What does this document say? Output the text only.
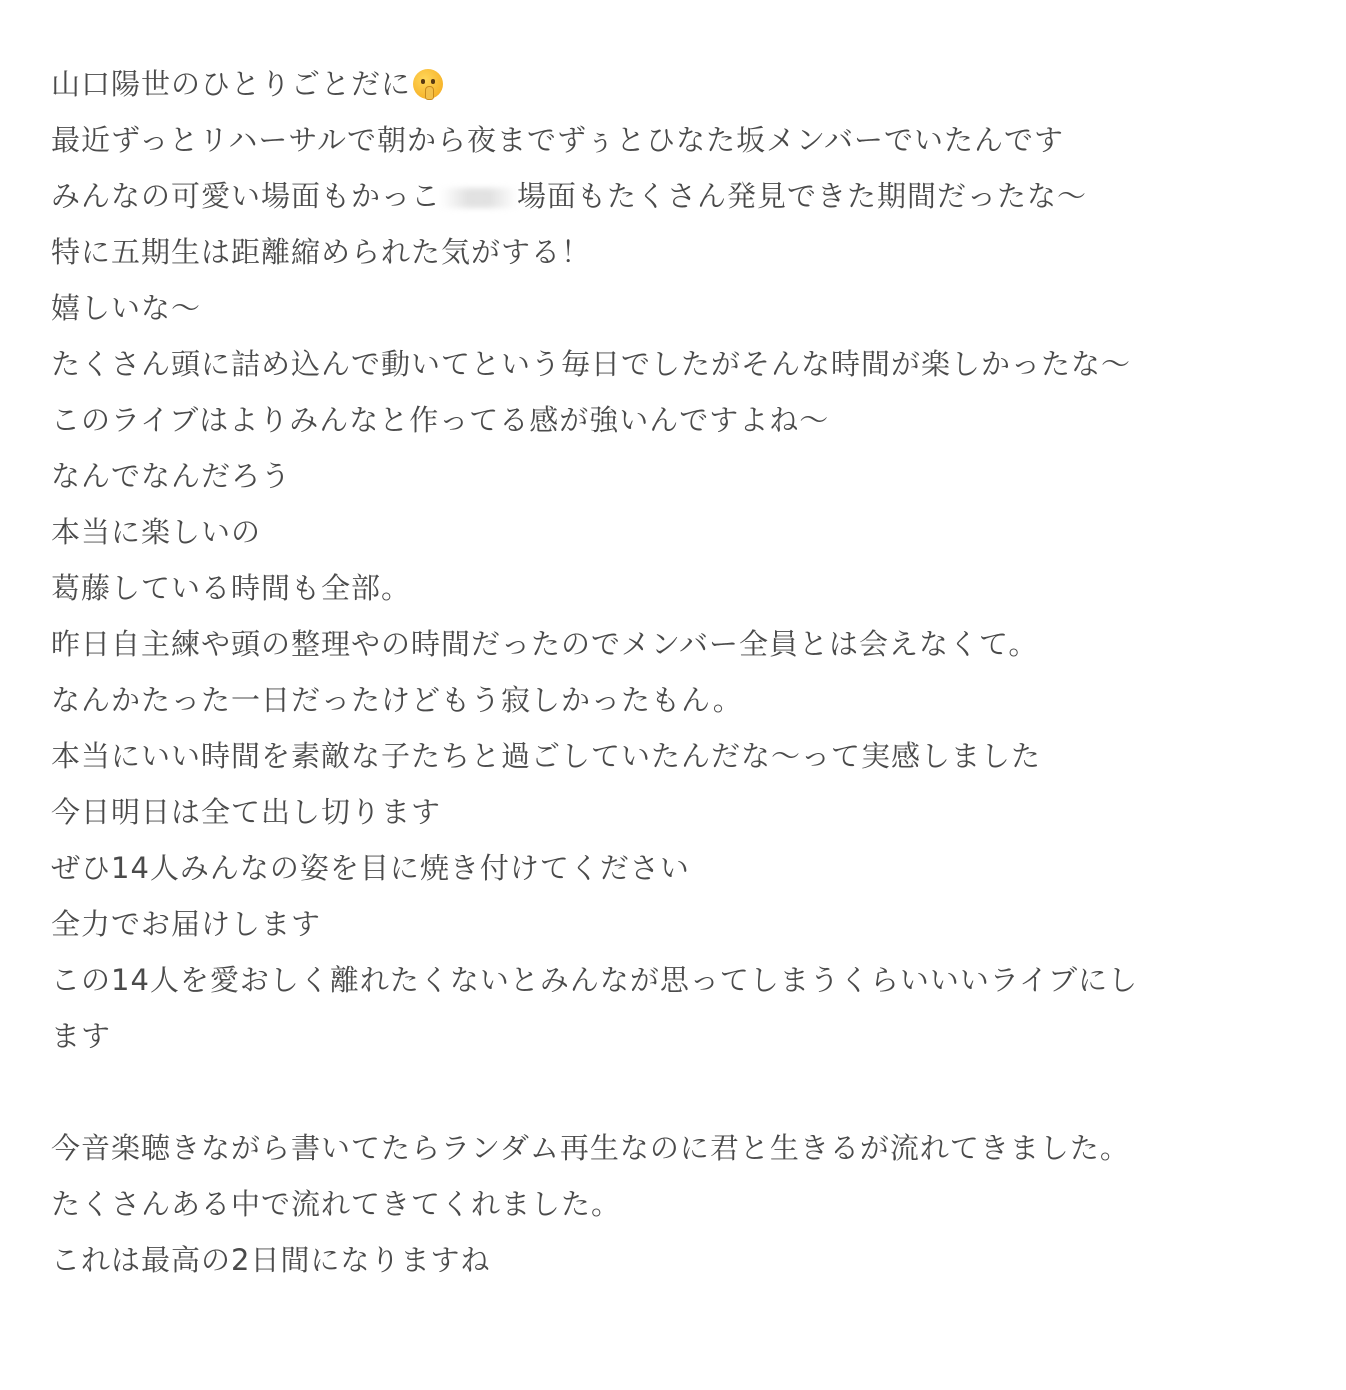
山口陽世のひとりごとだに
最近ずっとリハーサルで朝から夜までずぅとひなた坂メンバーでいたんです
みんなの可愛い場面もかっこ	場面もたくさん発見できた期間だったな〜
特に五期生は距離縮められた気がする！
嬉しいな〜
たくさん頭に詰め込んで動いてという毎日でしたがそんな時間が楽しかったな〜
このライブはよりみんなと作ってる感が強いんですよね〜
なんでなんだろう
本当に楽しいの
葛藤している時間も全部。
昨日自主練や頭の整理やの時間だったのでメンバー全員とは会えなくて。
なんかたった一日だったけどもう寂しかったもん。
本当にいい時間を素敵な子たちと過ごしていたんだな〜って実感しました
今日明日は全て出し切ります
ぜひ14人みんなの姿を目に焼き付けてください
全力でお届けします
この14人を愛おしく離れたくないとみんなが思ってしまうくらいいいライブにし
ます
今音楽聴きながら書いてたらランダム再生なのに君と生きるが流れてきました。
たくさんある中で流れてきてくれました。
これは最高の2日間になりますね
